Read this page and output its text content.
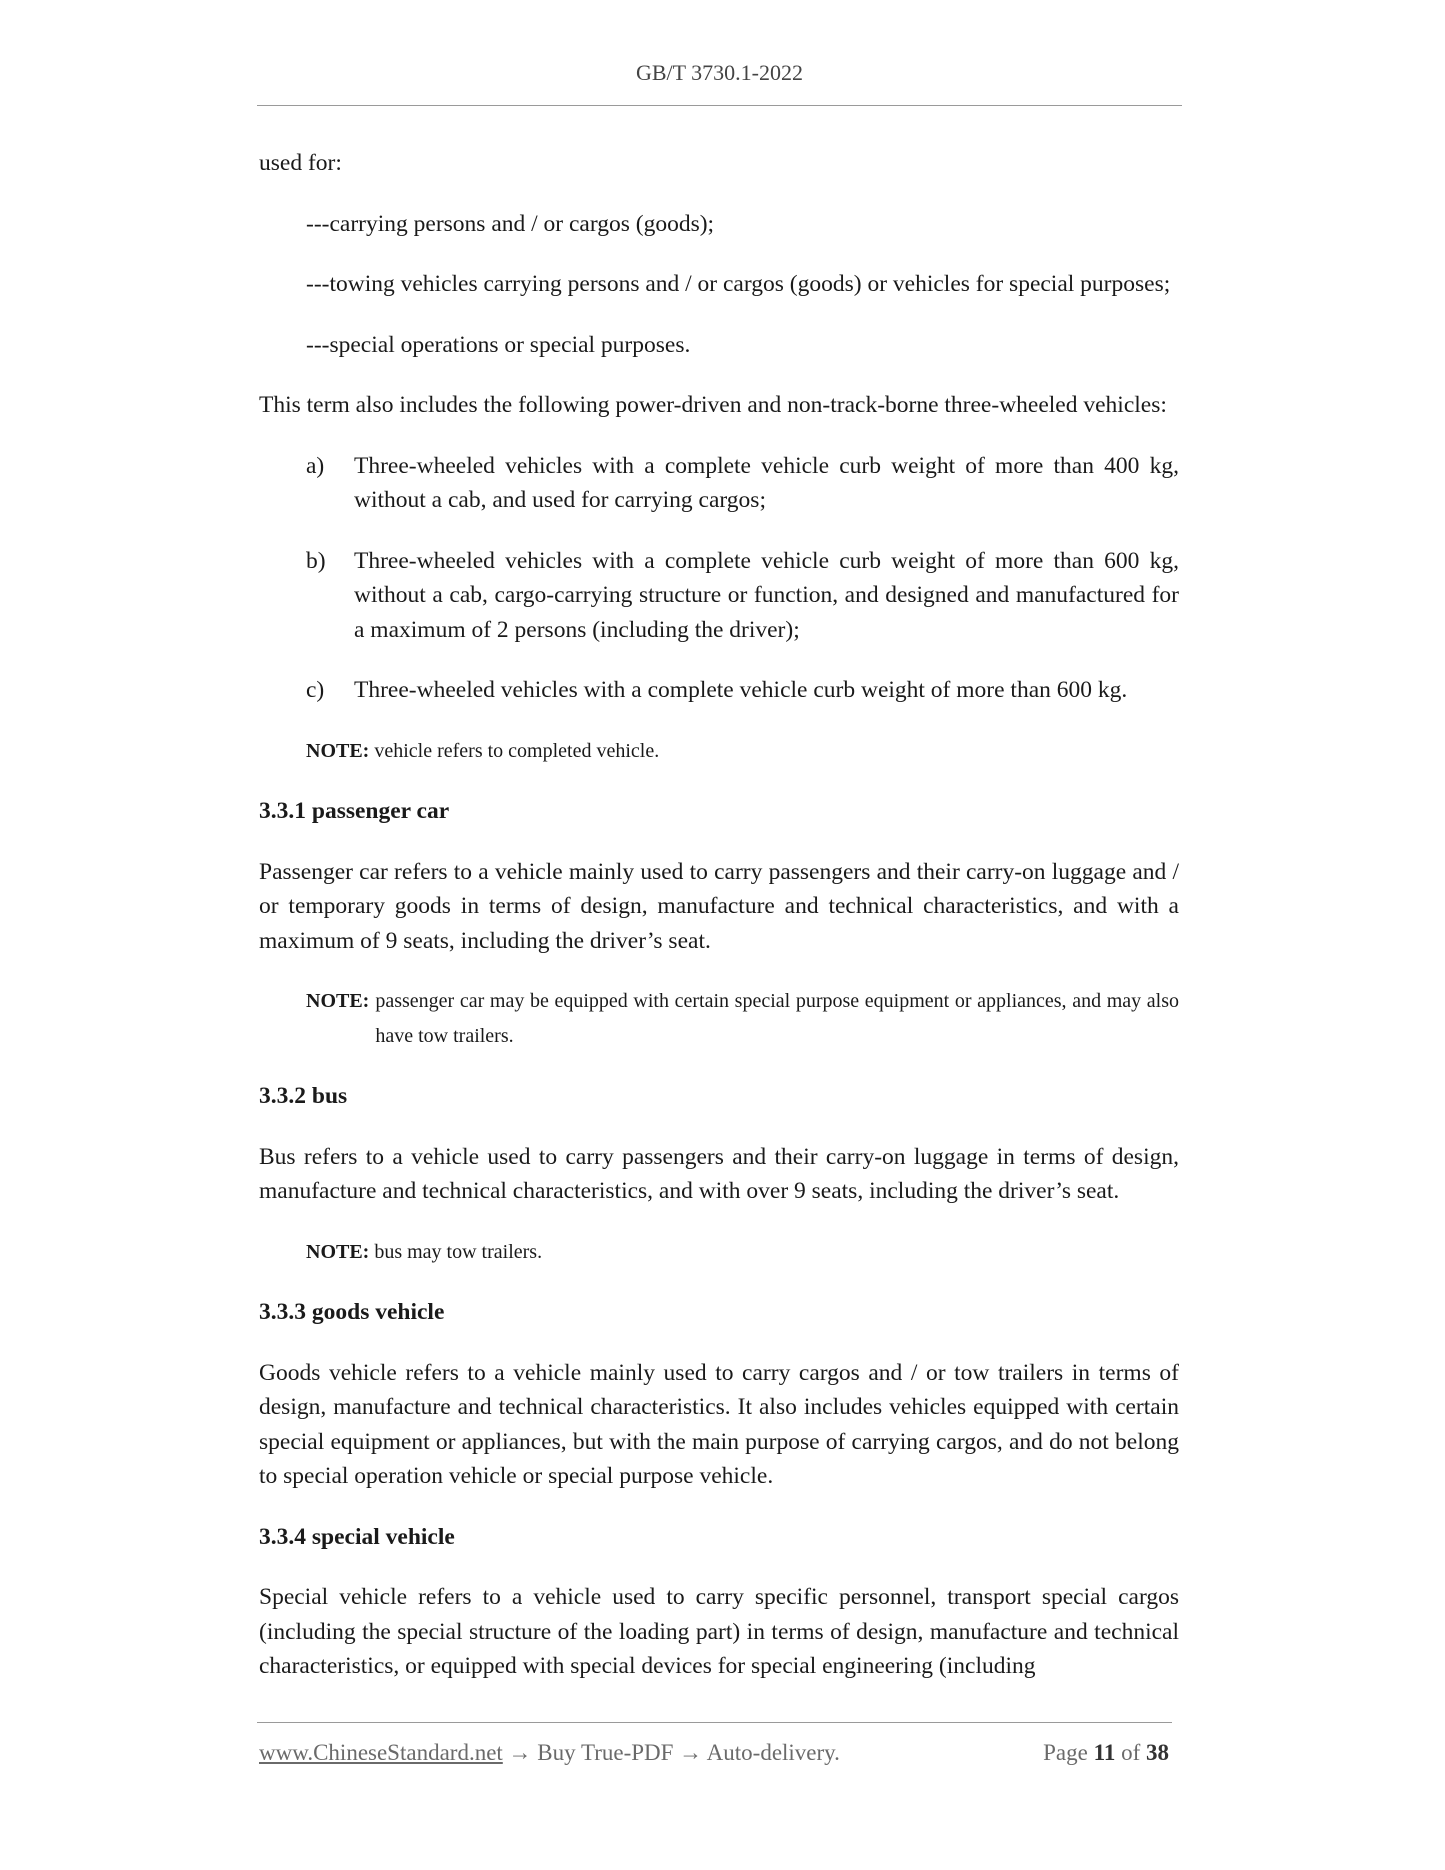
GB/T 3730.1-2022

used for:

---carrying persons and / or cargos (goods);

---towing vehicles carrying persons and / or cargos (goods) or vehicles for special purposes;

---special operations or special purposes.

This term also includes the following power-driven and non-track-borne three-wheeled vehicles:

a)	Three-wheeled vehicles with a complete vehicle curb weight of more than 400 kg, without a cab, and used for carrying cargos;
b)	Three-wheeled vehicles with a complete vehicle curb weight of more than 600 kg, without a cab, cargo-carrying structure or function, and designed and manufactured for a maximum of 2 persons (including the driver);
c)	Three-wheeled vehicles with a complete vehicle curb weight of more than 600 kg.
NOTE: vehicle refers to completed vehicle.
3.3.1 passenger car

Passenger car refers to a vehicle mainly used to carry passengers and their carry-on luggage and / or temporary goods in terms of design, manufacture and technical characteristics, and with a maximum of 9 seats, including the driver’s seat.

NOTE: passenger car may be equipped with certain special purpose equipment or appliances, and may also have tow trailers.
3.3.2 bus

Bus refers to a vehicle used to carry passengers and their carry-on luggage in terms of design, manufacture and technical characteristics, and with over 9 seats, including the driver’s seat.

NOTE: bus may tow trailers.
3.3.3 goods vehicle

Goods vehicle refers to a vehicle mainly used to carry cargos and / or tow trailers in terms of design, manufacture and technical characteristics. It also includes vehicles equipped with certain special equipment or appliances, but with the main purpose of carrying cargos, and do not belong to special operation vehicle or special purpose vehicle.

3.3.4 special vehicle

Special vehicle refers to a vehicle used to carry specific personnel, transport special cargos (including the special structure of the loading part) in terms of design, manufacture and technical characteristics, or equipped with special devices for special engineering (including

www.ChineseStandard.net → Buy True-PDF → Auto-delivery.	Page 11 of 38
